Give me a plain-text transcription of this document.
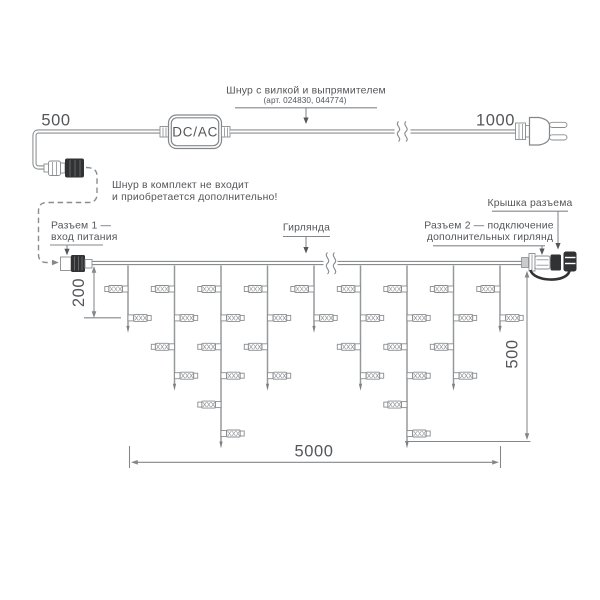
500	1000
DC/AC
Шнур с вилкой и выпрямителем
(арт. 024830, 044774)
Шнур в комплект не входит
и приобретается дополнительно!
Разъем 1 —
вход питания
Гирлянда
Крышка разъема
Разъем 2 — подключение
дополнительных гирлянд
200
5000
500
